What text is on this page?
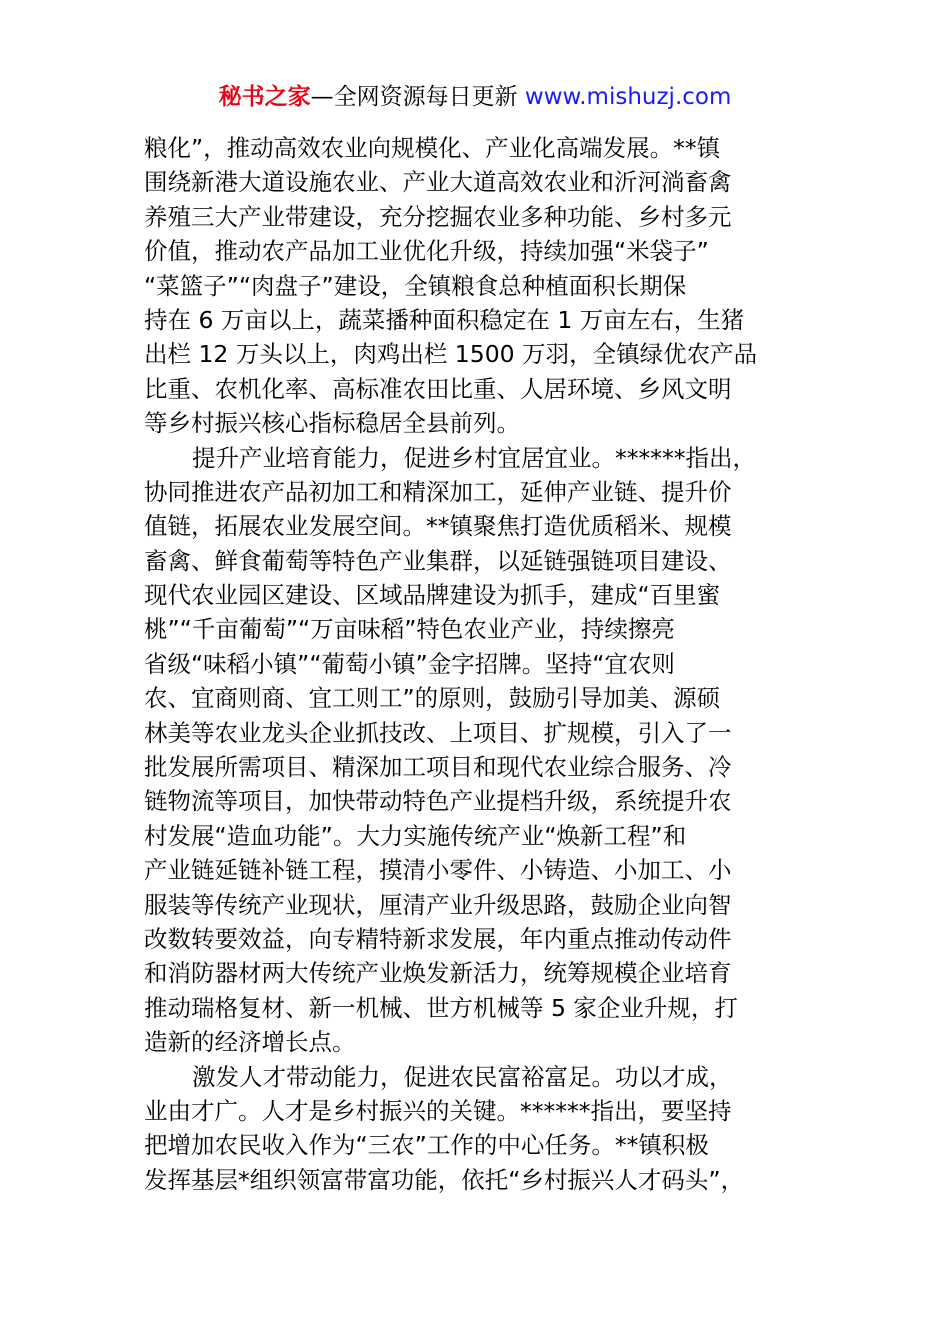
秘书之家—全网资源每日更新 www.mishuzj.com
粮化”，推动高效农业向规模化、产业化高端发展。**镇
围绕新港大道设施农业、产业大道高效农业和沂河淌畜禽
养殖三大产业带建设，充分挖掘农业多种功能、乡村多元
价值，推动农产品加工业优化升级，持续加强“米袋子”
“菜篮子”“肉盘子”建设，全镇粮食总种植面积长期保
持在 6 万亩以上，蔬菜播种面积稳定在 1 万亩左右，生猪
出栏 12 万头以上，肉鸡出栏 1500 万羽，全镇绿优农产品
比重、农机化率、高标准农田比重、人居环境、乡风文明
等乡村振兴核心指标稳居全县前列。
提升产业培育能力，促进乡村宜居宜业。******指出，
协同推进农产品初加工和精深加工，延伸产业链、提升价
值链，拓展农业发展空间。**镇聚焦打造优质稻米、规模
畜禽、鲜食葡萄等特色产业集群，以延链强链项目建设、
现代农业园区建设、区域品牌建设为抓手，建成“百里蜜
桃”“千亩葡萄”“万亩味稻”特色农业产业，持续擦亮
省级“味稻小镇”“葡萄小镇”金字招牌。坚持“宜农则
农、宜商则商、宜工则工”的原则，鼓励引导加美、源硕
林美等农业龙头企业抓技改、上项目、扩规模，引入了一
批发展所需项目、精深加工项目和现代农业综合服务、冷
链物流等项目，加快带动特色产业提档升级，系统提升农
村发展“造血功能”。大力实施传统产业“焕新工程”和
产业链延链补链工程，摸清小零件、小铸造、小加工、小
服装等传统产业现状，厘清产业升级思路，鼓励企业向智
改数转要效益，向专精特新求发展，年内重点推动传动件
和消防器材两大传统产业焕发新活力，统筹规模企业培育
推动瑞格复材、新一机械、世方机械等 5 家企业升规，打
造新的经济增长点。
激发人才带动能力，促进农民富裕富足。功以才成，
业由才广。人才是乡村振兴的关键。******指出，要坚持
把增加农民收入作为“三农”工作的中心任务。**镇积极
发挥基层*组织领富带富功能，依托“乡村振兴人才码头”，
